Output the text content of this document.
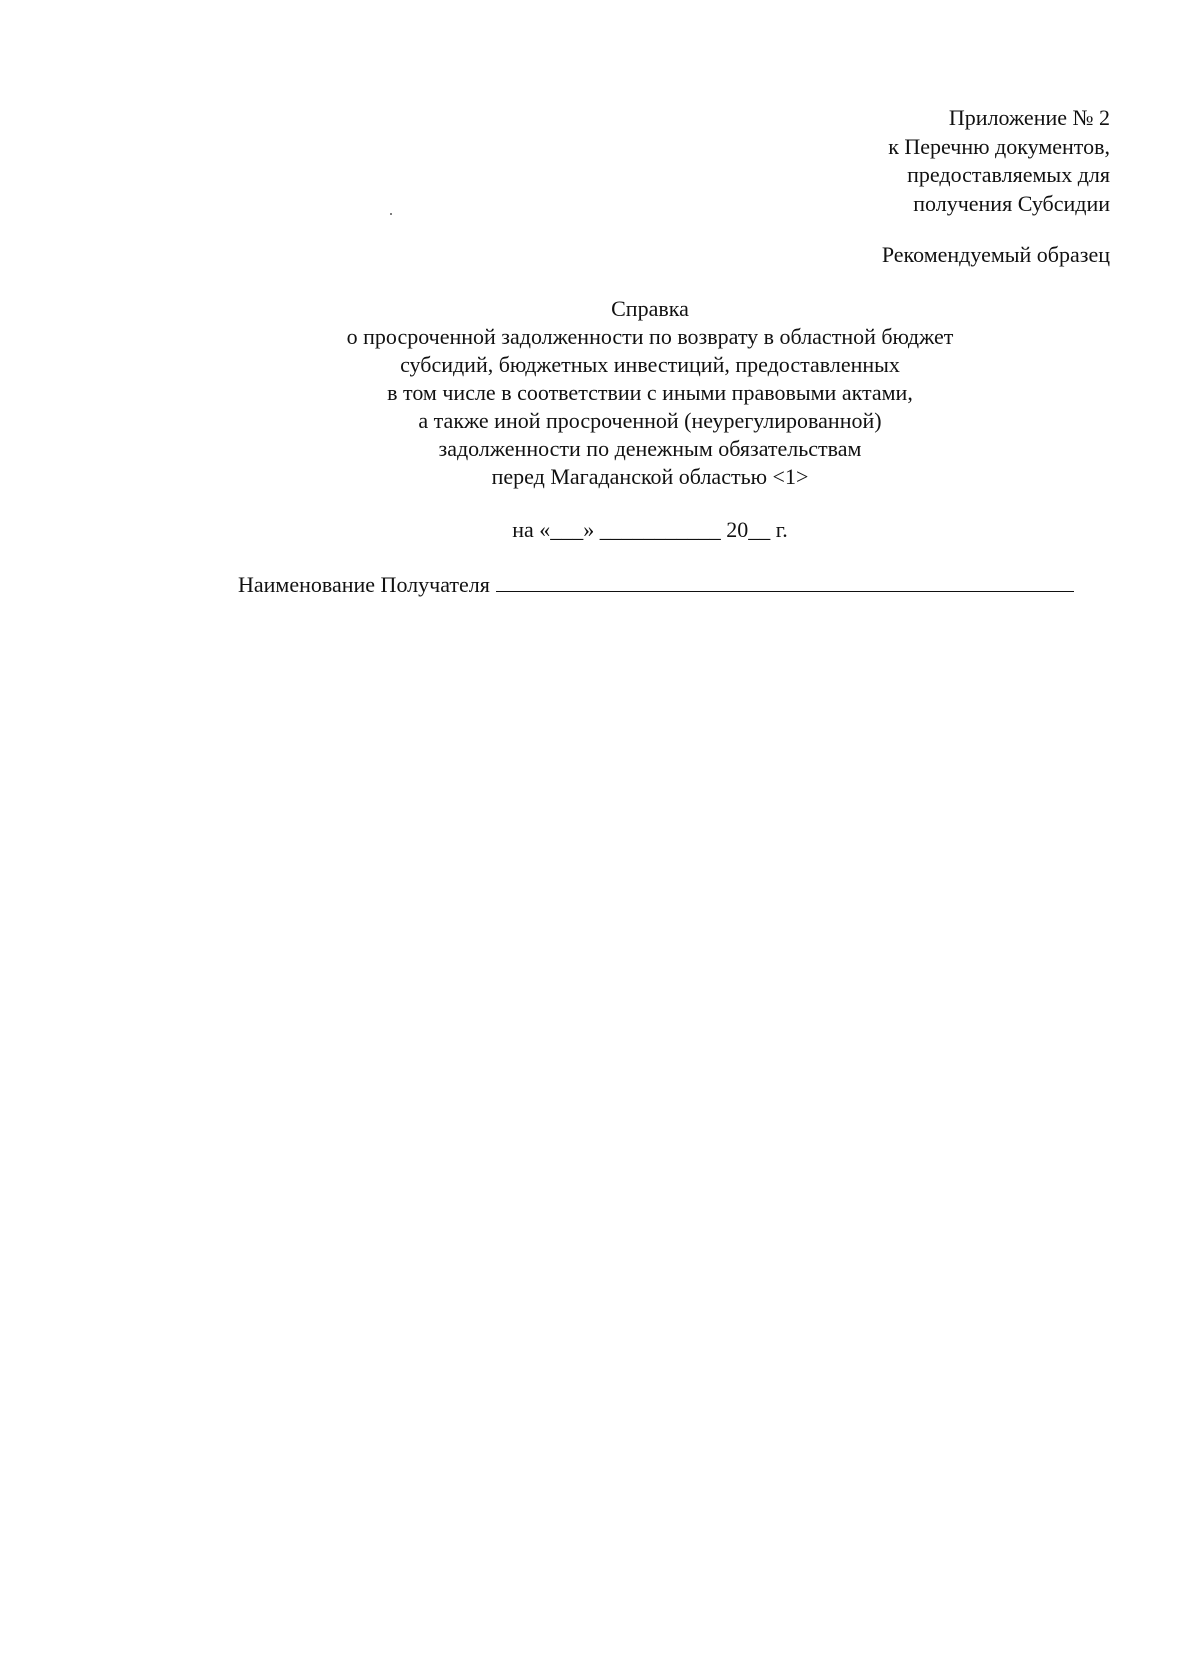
Приложение № 2
к Перечню документов,
предоставляемых для
получения Субсидии
Рекомендуемый образец
Справка
о просроченной задолженности по возврату в областной бюджет
субсидий, бюджетных инвестиций, предоставленных
в том числе в соответствии с иными правовыми актами,
а также иной просроченной (неурегулированной)
задолженности по денежным обязательствам
перед Магаданской областью <1>
на «___» ___________ 20__ г.
Наименование Получателя
